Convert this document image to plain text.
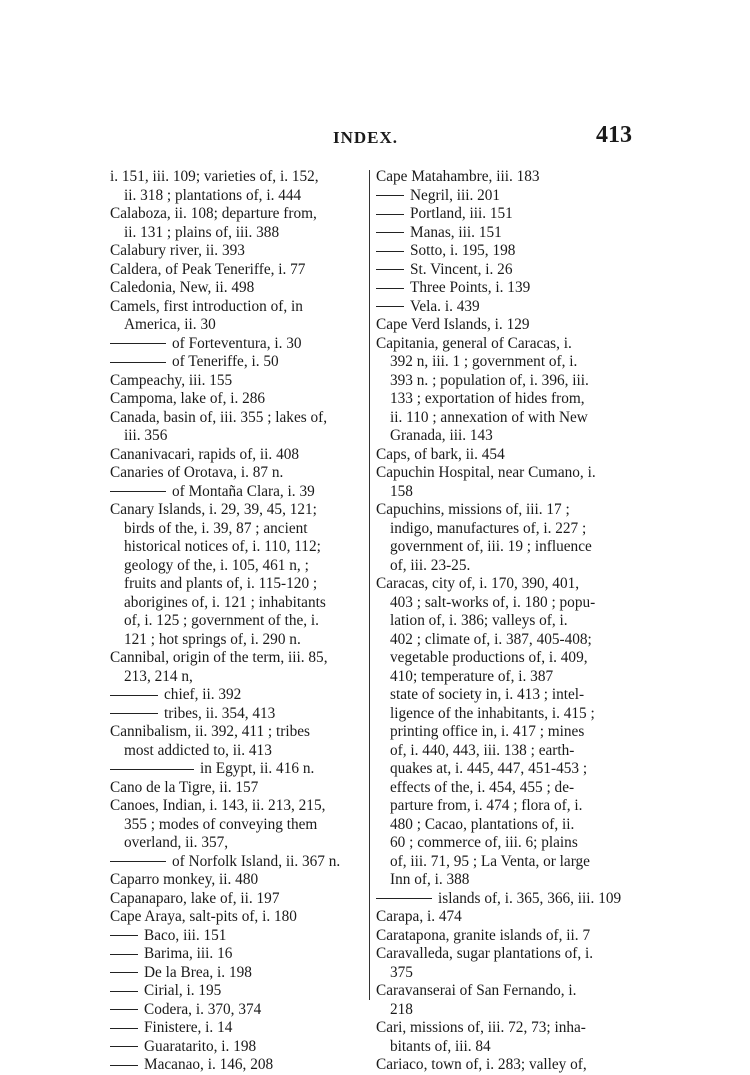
INDEX.	413
i. 151, iii. 109; varieties of, i. 152,
ii. 318 ; plantations of, i. 444
Calaboza, ii. 108; departure from,
ii. 131 ; plains of, iii. 388
Calabury river, ii. 393
Caldera, of Peak Teneriffe, i. 77
Caledonia, New, ii. 498
Camels, first introduction of, in
America, ii. 30
of Forteventura, i. 30
of Teneriffe, i. 50
Campeachy, iii. 155
Campoma, lake of, i. 286
Canada, basin of, iii. 355 ; lakes of,
iii. 356
Cananivacari, rapids of, ii. 408
Canaries of Orotava, i. 87 n.
of Montaña Clara, i. 39
Canary Islands, i. 29, 39, 45, 121;
birds of the, i. 39, 87 ; ancient
historical notices of, i. 110, 112;
geology of the, i. 105, 461 n, ;
fruits and plants of, i. 115-120 ;
aborigines of, i. 121 ; inhabitants
of, i. 125 ; government of the, i.
121 ; hot springs of, i. 290 n.
Cannibal, origin of the term, iii. 85,
213, 214 n,
chief, ii. 392
tribes, ii. 354, 413
Cannibalism, ii. 392, 411 ; tribes
most addicted to, ii. 413
in Egypt, ii. 416 n.
Cano de la Tigre, ii. 157
Canoes, Indian, i. 143, ii. 213, 215,
355 ; modes of conveying them
overland, ii. 357,
of Norfolk Island, ii. 367 n.
Caparro monkey, ii. 480
Capanaparo, lake of, ii. 197
Cape Araya, salt-pits of, i. 180
Baco, iii. 151
Barima, iii. 16
De la Brea, i. 198
Cirial, i. 195
Codera, i. 370, 374
Finistere, i. 14
Guaratarito, i. 198
Macanao, i. 146, 208
Cape Matahambre, iii. 183
Negril, iii. 201
Portland, iii. 151
Manas, iii. 151
Sotto, i. 195, 198
St. Vincent, i. 26
Three Points, i. 139
Vela. i. 439
Cape Verd Islands, i. 129
Capitania, general of Caracas, i.
392 n, iii. 1 ; government of, i.
393 n. ; population of, i. 396, iii.
133 ; exportation of hides from,
ii. 110 ; annexation of with New
Granada, iii. 143
Caps, of bark, ii. 454
Capuchin Hospital, near Cumano, i.
158
Capuchins, missions of, iii. 17 ;
indigo, manufactures of, i. 227 ;
government of, iii. 19 ; influence
of, iii. 23-25.
Caracas, city of, i. 170, 390, 401,
403 ; salt-works of, i. 180 ; popu-
lation of, i. 386; valleys of, i.
402 ; climate of, i. 387, 405-408;
vegetable productions of, i. 409,
410; temperature of, i. 387
state of society in, i. 413 ; intel-
ligence of the inhabitants, i. 415 ;
printing office in, i. 417 ; mines
of, i. 440, 443, iii. 138 ; earth-
quakes at, i. 445, 447, 451-453 ;
effects of the, i. 454, 455 ; de-
parture from, i. 474 ; flora of, i.
480 ; Cacao, plantations of, ii.
60 ; commerce of, iii. 6; plains
of, iii. 71, 95 ; La Venta, or large
Inn of, i. 388
islands of, i. 365, 366, iii. 109
Carapa, i. 474
Caratapona, granite islands of, ii. 7
Caravalleda, sugar plantations of, i.
375
Caravanserai of San Fernando, i.
218
Cari, missions of, iii. 72, 73; inha-
bitants of, iii. 84
Cariaco, town of, i. 283; valley of,
